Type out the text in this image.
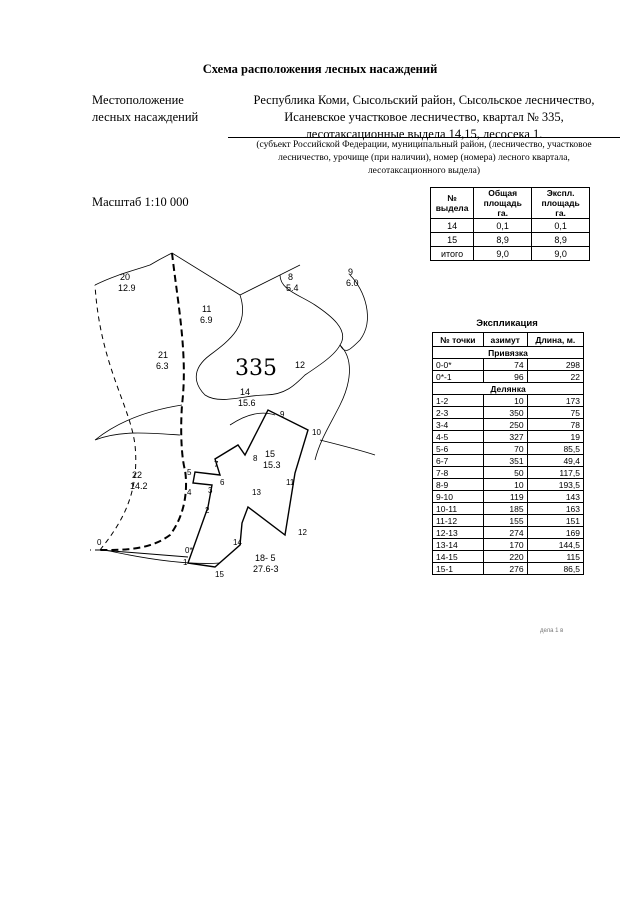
Схема расположения лесных насаждений
Местоположение
лесных насаждений
Республика Коми, Сысольский район, Сысольское лесничество,
Исаневское участковое лесничество, квартал № 335,
лесотаксационные выдела 14,15, лесосека 1.
(субъект Российской Федерации, муниципальный район, (лесничество, участковое
лесничество, урочище (при наличии), номер (номера) лесного квартала,
лесотаксационного выдела)
Масштаб 1:10 000	№ выдела	Общая площадь га.	Экспл. площадь га.
14	0,1	0,1
15	8,9	8,9
итого	9,0	9,0
Экспликация
№ точки	азимут	Длина, м.
Привязка		
0-0*	74	298
0*-1	96	22
Делянка		
1-2	10	173
2-3	350	75
3-4	250	78
4-5	327	19
5-6	70	85,5
6-7	351	49,4
7-8	50	117,5
8-9	10	193,5
9-10	119	143
10-11	185	163
11-12	155	151
12-13	274	169
13-14	170	144,5
14-15	220	115
15-1	276	86,5
дела 1 в
20
12.9
8
5.4
9
6.0
11
6.9
21
6.3	12
14
15.6
15
15.3
22
14.2
18- 5
27.6-3
0
0*
1
2
3
4
5
6
7
8
9
10
11
12
13
14
15
335
